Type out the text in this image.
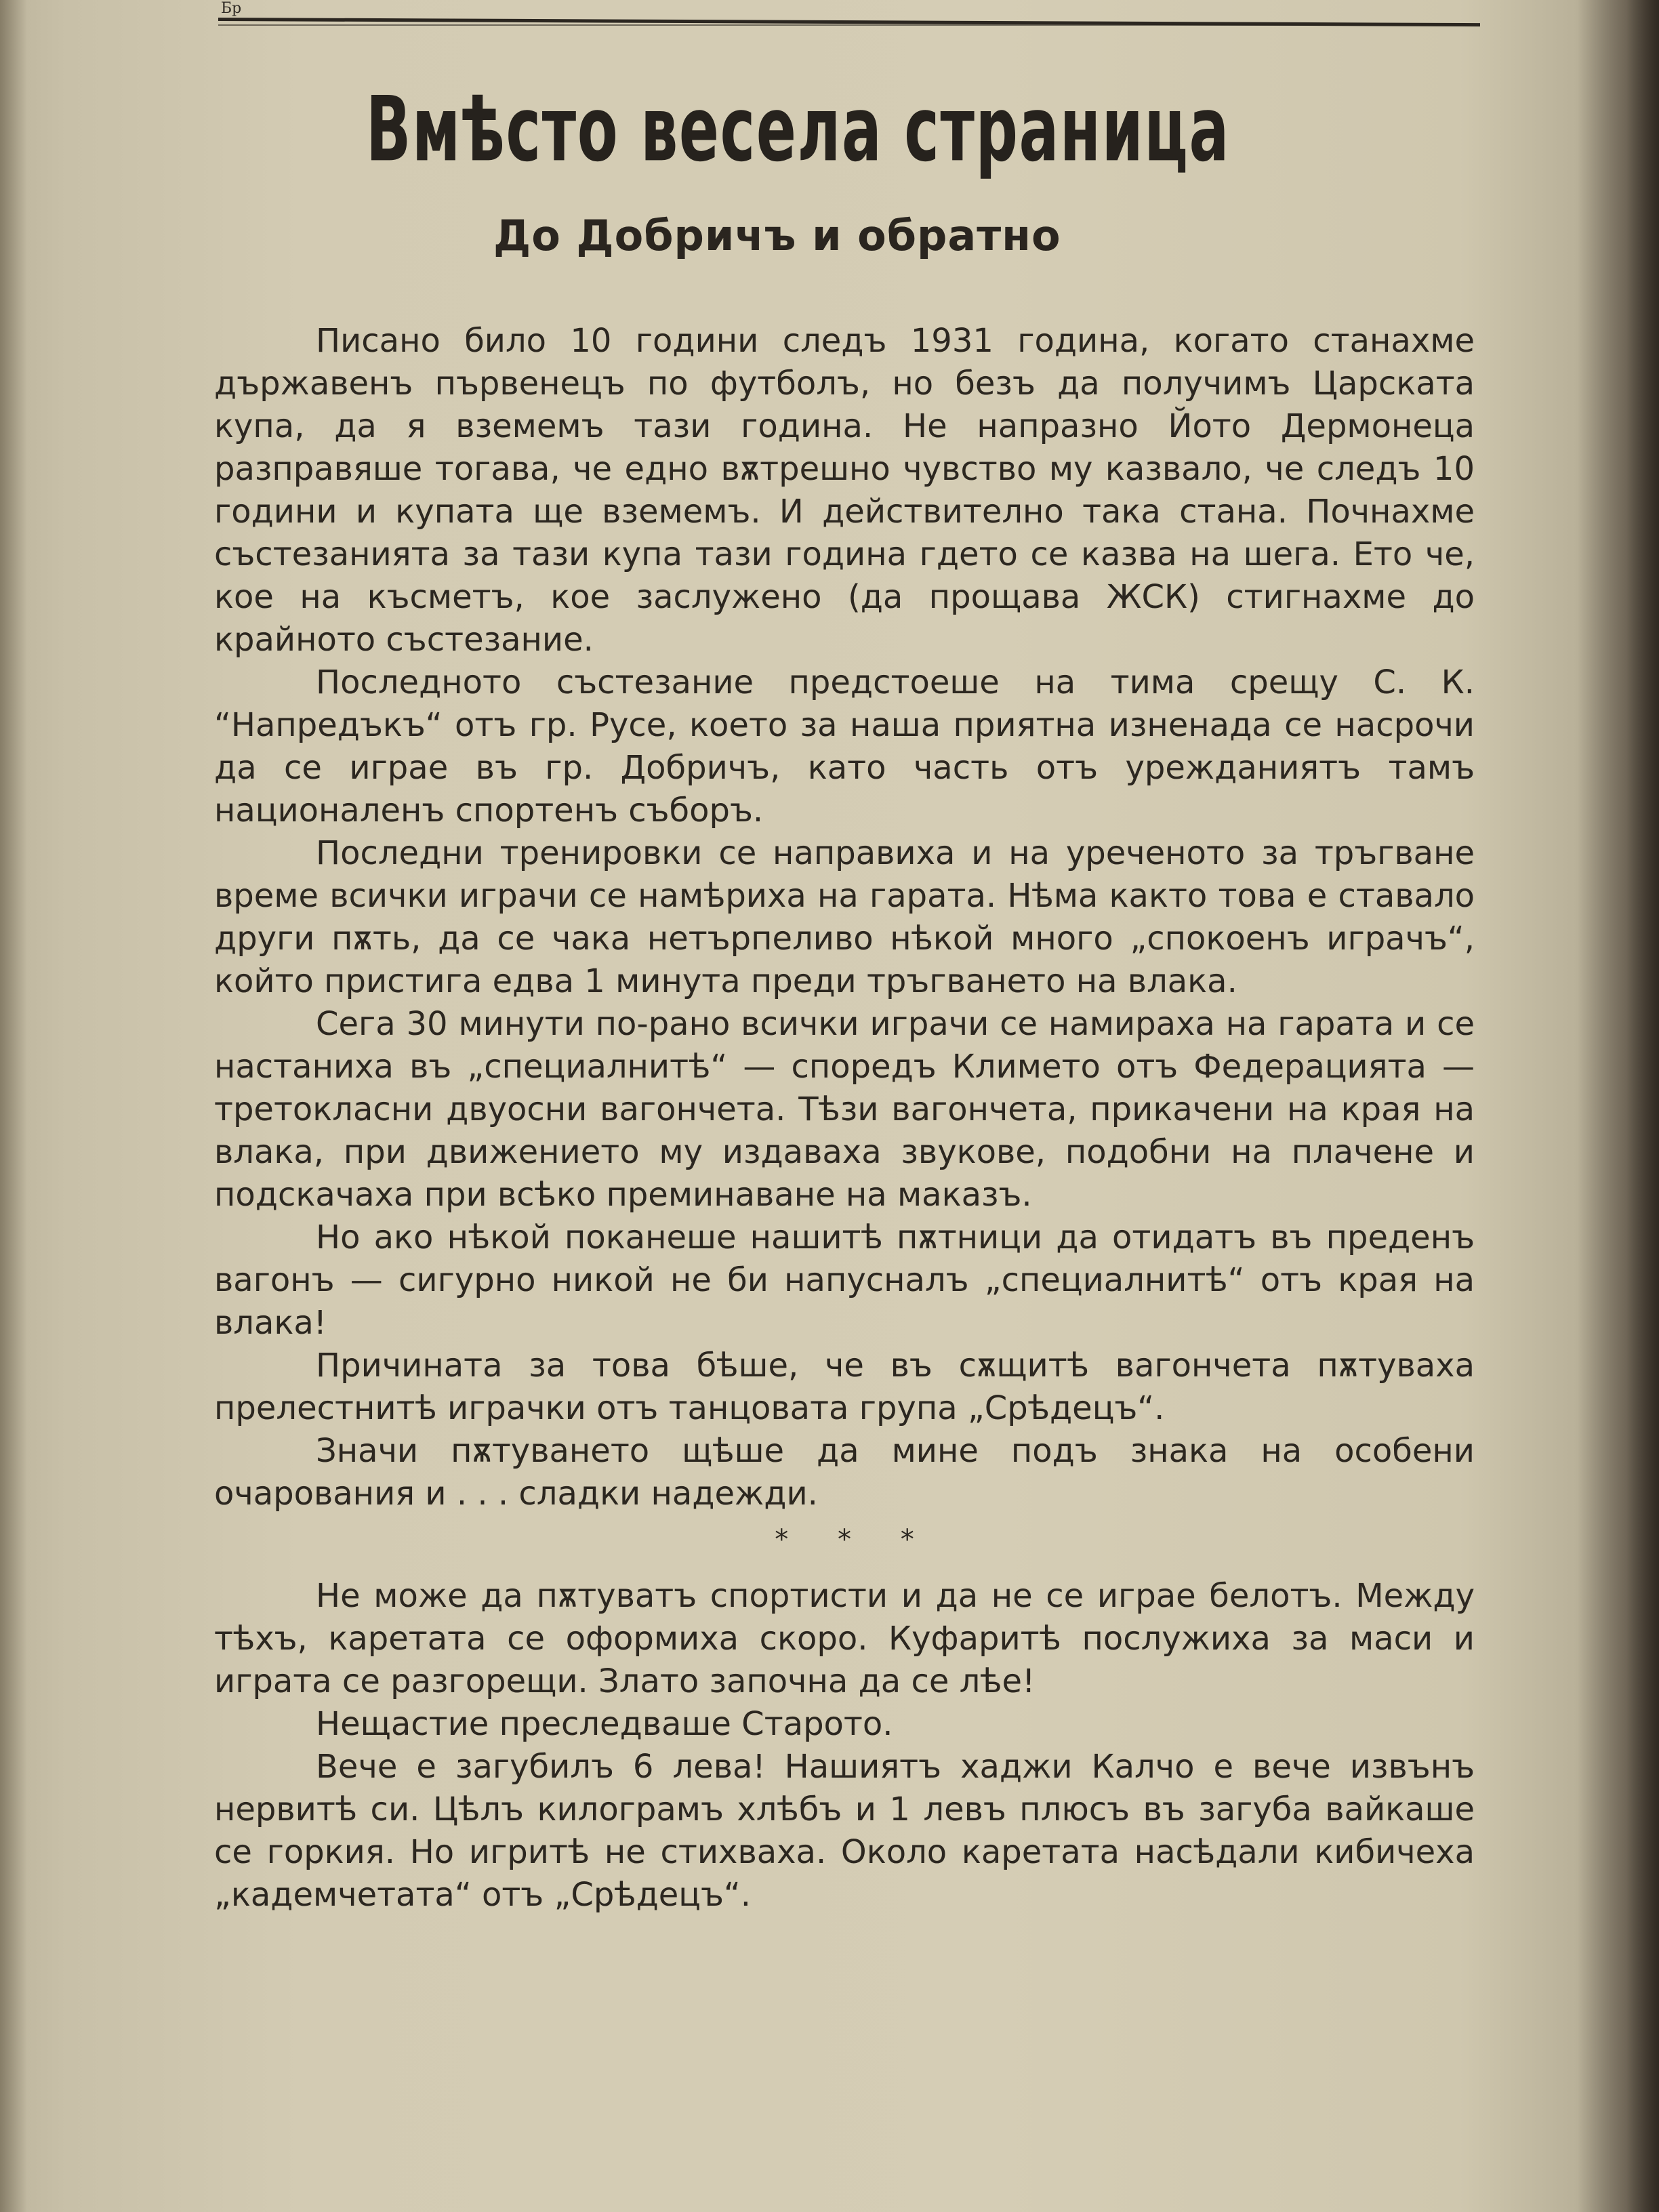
Бр
Вмѣсто весела страница
До Добричъ и обратно

Писано било 10 години следъ 1931 година, когато станахме държавенъ първенецъ по футболъ, но безъ да получимъ Царската купа, да я вземемъ тази година. Не напразно Йото Дермонеца разправяше тогава, че едно вѫтрешно чувство му казвало, че следъ 10 години и купата ще вземемъ. И действително така стана. Почнахме състезанията за тази купа тази година гдето се казва на шега. Ето че, кое на късметъ, кое заслужено (да прощава ЖСК) стигнахме до крайното състезание.

Последното състезание предстоеше на тима срещу С. К. “Напредъкъ“ отъ гр. Русе, което за наша приятна изненада се насрочи да се играе въ гр. Добричъ, като часть отъ урежданиятъ тамъ националенъ спортенъ съборъ.

Последни тренировки се направиха и на уреченото за тръгване време всички играчи се намѣриха на гарата. Нѣма както това е ставало други пѫть, да се чака нетърпеливо нѣкой много „спокоенъ играчъ“, който пристига едва 1 минута преди тръгването на влака.

Сега 30 минути по-рано всички играчи се намираха на гарата и се настаниха въ „специалнитѣ“ — споредъ Климето отъ Федерацията — третокласни двуосни вагончета. Тѣзи вагончета, прикачени на края на влака, при движението му издаваха звукове, подобни на плачене и подскачаха при всѣко преминаване на маказъ.

Но ако нѣкой поканеше нашитѣ пѫтници да отидатъ въ преденъ вагонъ — сигурно никой не би напусналъ „специалнитѣ“ отъ края на влака!

Причината за това бѣше, че въ сѫщитѣ вагончета пѫтуваха прелестнитѣ играчки отъ танцовата група „Срѣдецъ“.

Значи пѫтуването щѣше да мине подъ знака на особени очарования и . . . сладки надежди.

* * *

Не може да пѫтуватъ спортисти и да не се играе белотъ. Между тѣхъ, каретата се оформиха скоро. Куфаритѣ послужиха за маси и играта се разгорещи. Злато започна да се лѣе!

Нещастие преследваше Старото.

Вече е загубилъ 6 лева! Нашиятъ хаджи Калчо е вече извънъ нервитѣ си. Цѣлъ килограмъ хлѣбъ и 1 левъ плюсъ въ загуба вайкаше се горкия. Но игритѣ не стихваха. Около каретата насѣдали кибичеха „кадемчетата“ отъ „Срѣдецъ“.
